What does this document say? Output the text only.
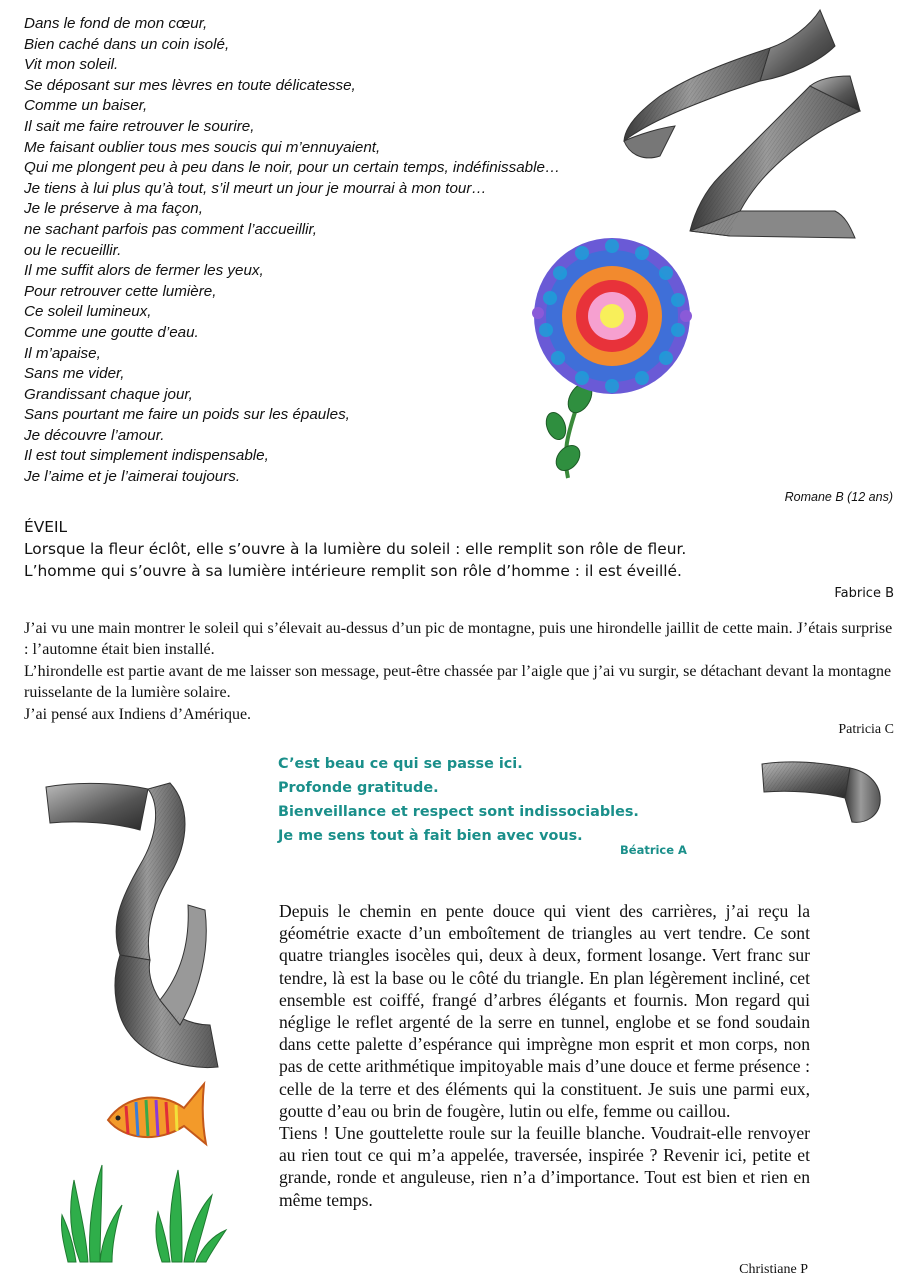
Dans le fond de mon cœur,
Bien caché dans un coin isolé,
Vit mon soleil.
Se déposant sur mes lèvres en toute délicatesse,
Comme un baiser,
Il sait me faire retrouver le sourire,
Me faisant oublier tous mes soucis qui m’ennuyaient,
Qui me plongent peu à peu dans le noir, pour un certain temps, indéfinissable…
Je tiens à lui plus qu’à tout, s’il meurt un jour je mourrai à mon tour…
Je le préserve à ma façon,
ne sachant parfois pas comment l’accueillir,
ou le recueillir.
Il me suffit alors de fermer les yeux,
Pour retrouver cette lumière,
Ce soleil lumineux,
Comme une goutte d’eau.
Il m’apaise,
Sans me vider,
Grandissant chaque jour,
Sans pourtant me faire un poids sur les épaules,
Je découvre l’amour.
Il est tout simplement indispensable,
Je l’aime et je l’aimerai toujours.
Romane B (12 ans)
ÉVEIL
Lorsque la fleur éclôt, elle s’ouvre à la lumière du soleil : elle remplit son rôle de fleur.
L’homme qui s’ouvre à sa lumière intérieure remplit son rôle d’homme : il est éveillé.
Fabrice B
J’ai vu une main montrer le soleil qui s’élevait au-dessus d’un pic de montagne, puis une hirondelle jaillit de cette main. J’étais surprise : l’automne était bien installé.
L’hirondelle est partie avant de me laisser son message, peut-être chassée par l’aigle que j’ai vu surgir, se détachant devant la montagne ruisselante de la lumière solaire.
J’ai pensé aux Indiens d’Amérique.
Patricia C
C’est beau ce qui se passe ici.
Profonde gratitude.
Bienveillance et respect sont indissociables.
Je me sens tout à fait bien avec vous.
Béatrice A

Depuis le chemin en pente douce qui vient des carrières, j’ai reçu la géométrie exacte d’un emboîtement de triangles au vert tendre. Ce sont quatre triangles isocèles qui, deux à deux, forment losange. Vert franc sur tendre, là est la base ou le côté du triangle. En plan légèrement incliné, cet ensemble est coiffé, frangé d’arbres élégants et fournis. Mon regard qui néglige le reflet argenté de la serre en tunnel, englobe et se fond soudain dans cette palette d’espérance qui imprègne mon esprit et mon corps, non pas de cette arithmétique impitoyable mais d’une douce et ferme présence : celle de la terre et des éléments qui la constituent. Je suis une parmi eux, goutte d’eau ou brin de fougère, lutin ou elfe, femme ou caillou.

Tiens ! Une gouttelette roule sur la feuille blanche. Voudrait-elle renvoyer au rien tout ce qui m’a appelée, traversée, inspirée ? Revenir ici, petite et grande, ronde et anguleuse, rien n’a d’importance. Tout est bien et rien en même temps.

Christiane P
